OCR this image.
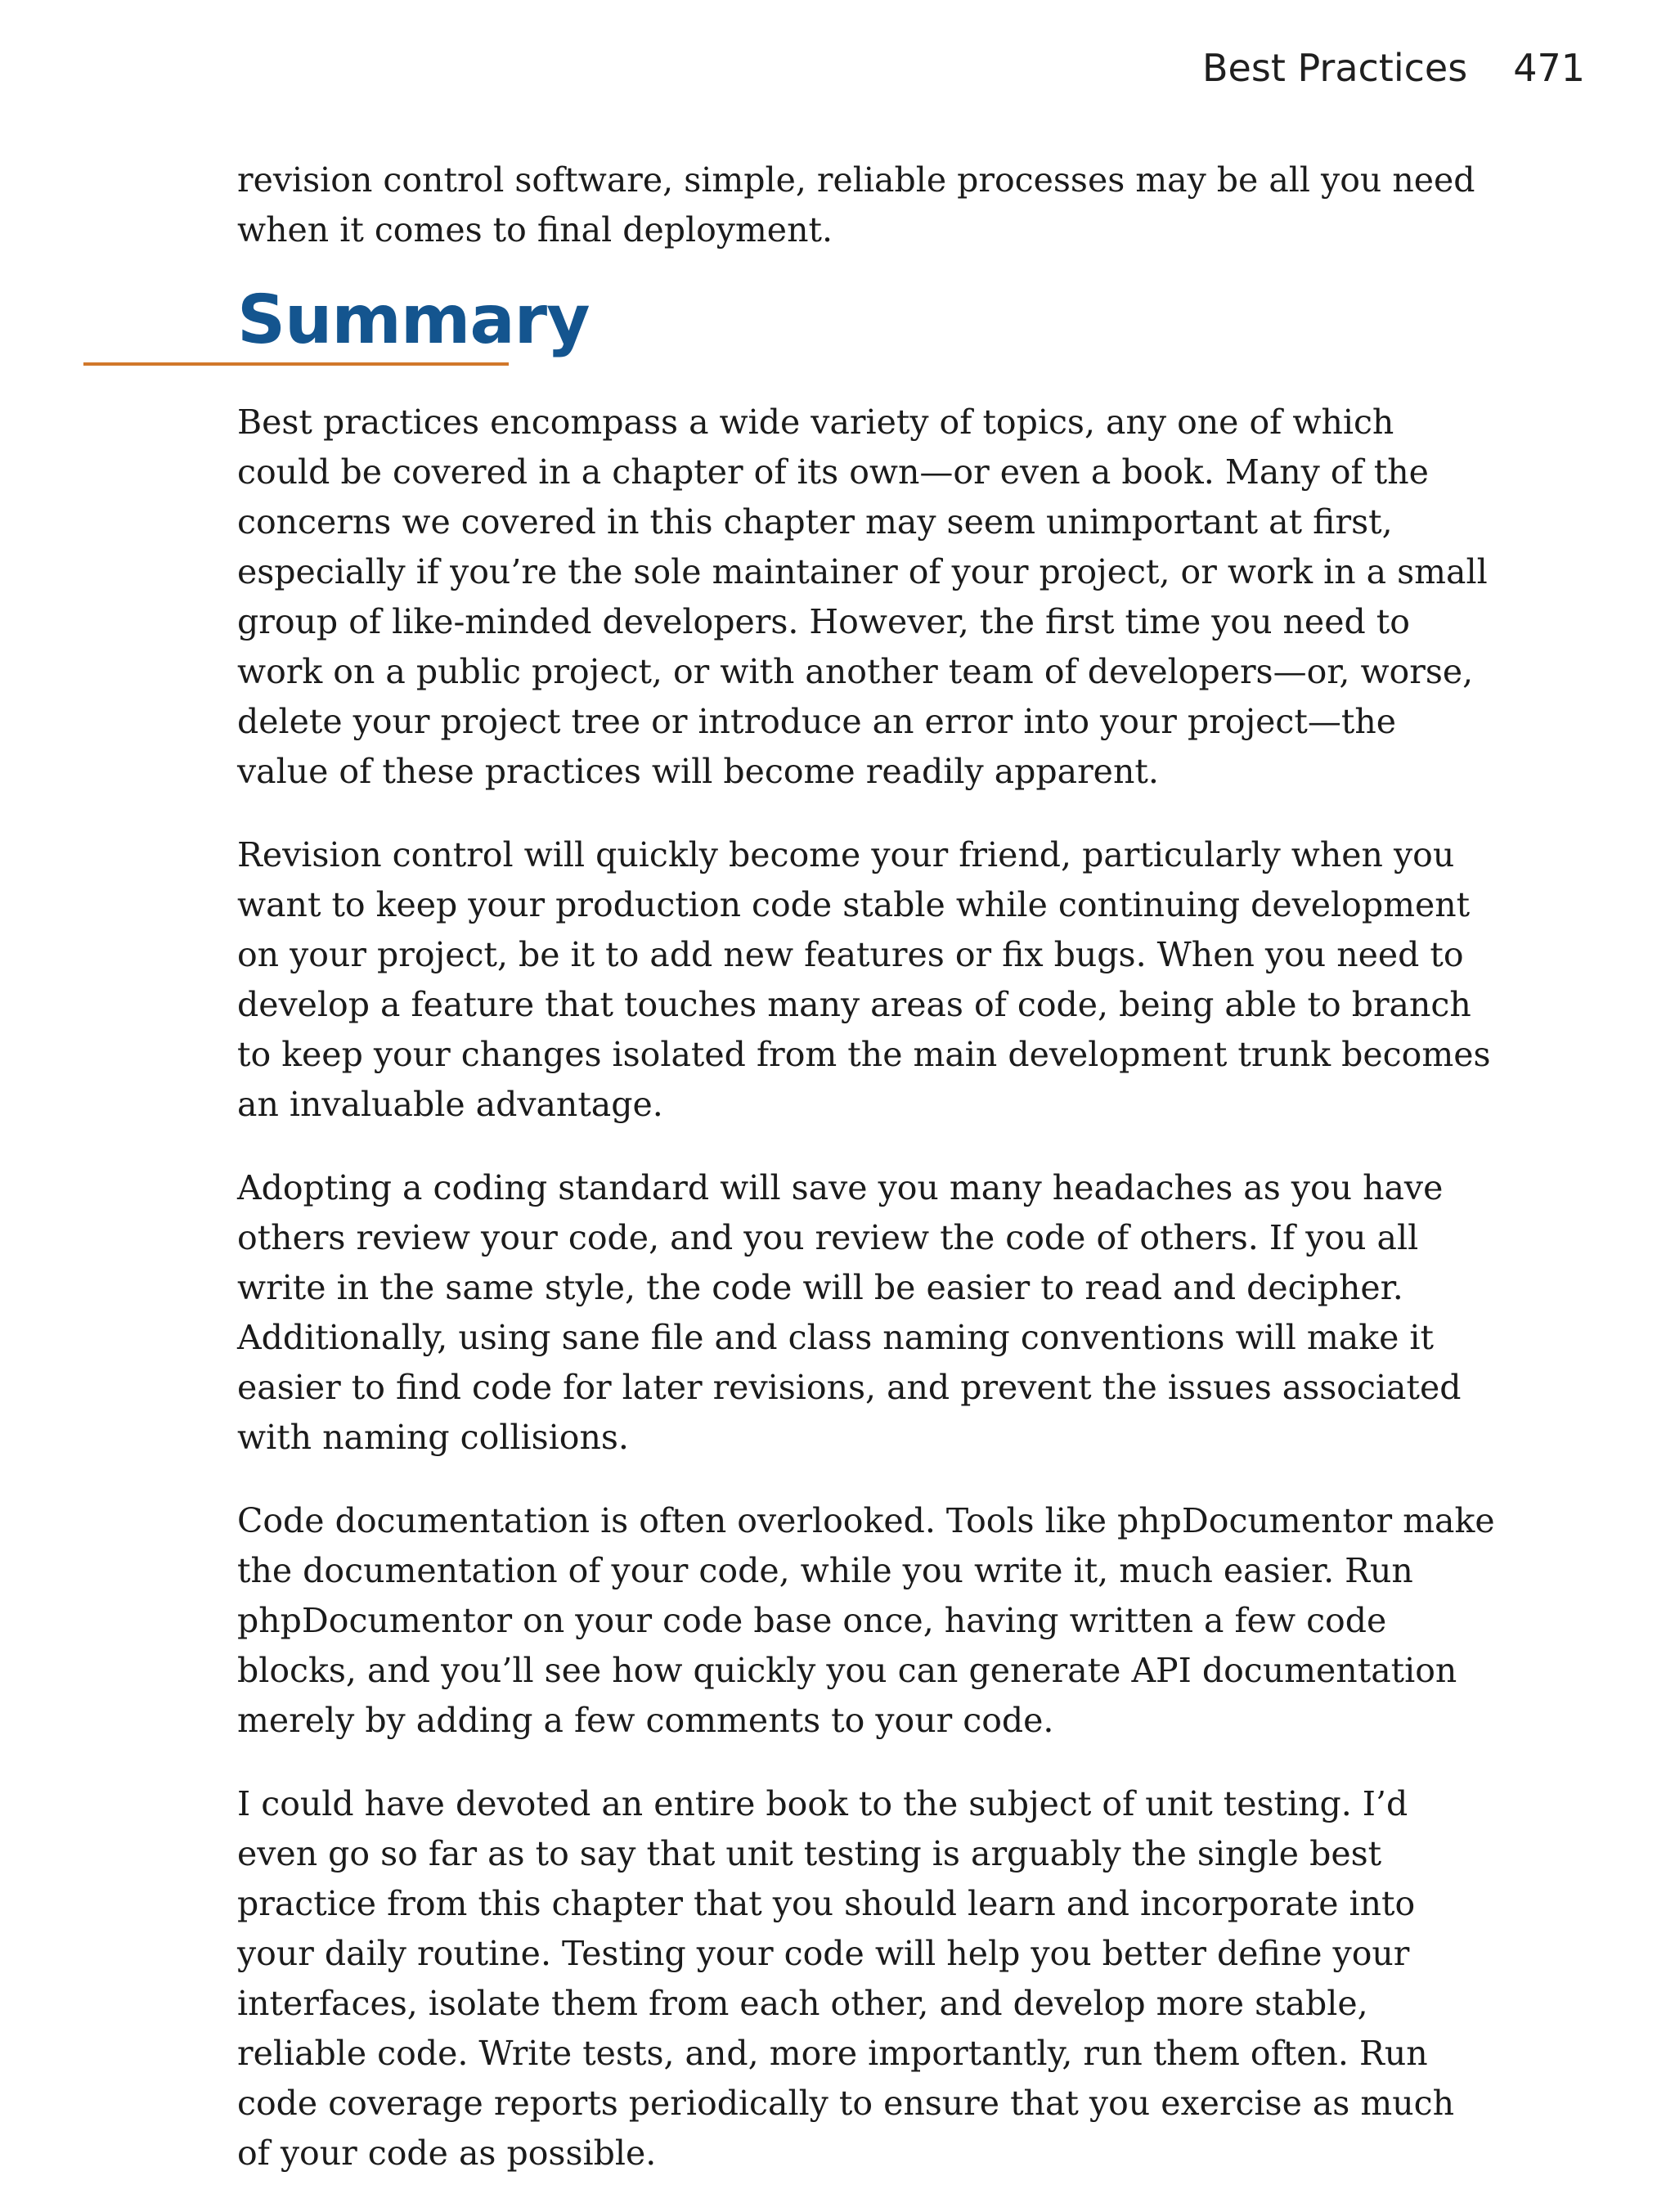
Best Practices 471

revision control software, simple, reliable processes may be all you need when it comes to final deployment.

Summary

Best practices encompass a wide variety of topics, any one of which could be covered in a chapter of its own—or even a book. Many of the concerns we covered in this chapter may seem unimportant at first, especially if you’re the sole maintainer of your project, or work in a small group of like-minded developers. However, the first time you need to work on a public project, or with another team of developers—or, worse, delete your project tree or introduce an error into your project—the value of these practices will become readily apparent.

Revision control will quickly become your friend, particularly when you want to keep your production code stable while continuing development on your project, be it to add new features or fix bugs. When you need to develop a feature that touches many areas of code, being able to branch to keep your changes isolated from the main development trunk becomes an invaluable advantage.

Adopting a coding standard will save you many headaches as you have others review your code, and you review the code of others. If you all write in the same style, the code will be easier to read and decipher. Additionally, using sane file and class naming conventions will make it easier to find code for later revisions, and prevent the issues associated with naming collisions.

Code documentation is often overlooked. Tools like phpDocumentor make the documentation of your code, while you write it, much easier. Run phpDocumentor on your code base once, having written a few code blocks, and you’ll see how quickly you can generate API documentation merely by adding a few comments to your code.

I could have devoted an entire book to the subject of unit testing. I’d even go so far as to say that unit testing is arguably the single best practice from this chapter that you should learn and incorporate into your daily routine. Testing your code will help you better define your interfaces, isolate them from each other, and develop more stable, reliable code. Write tests, and, more importantly, run them often. Run code coverage reports periodically to ensure that you exercise as much of your code as possible.
